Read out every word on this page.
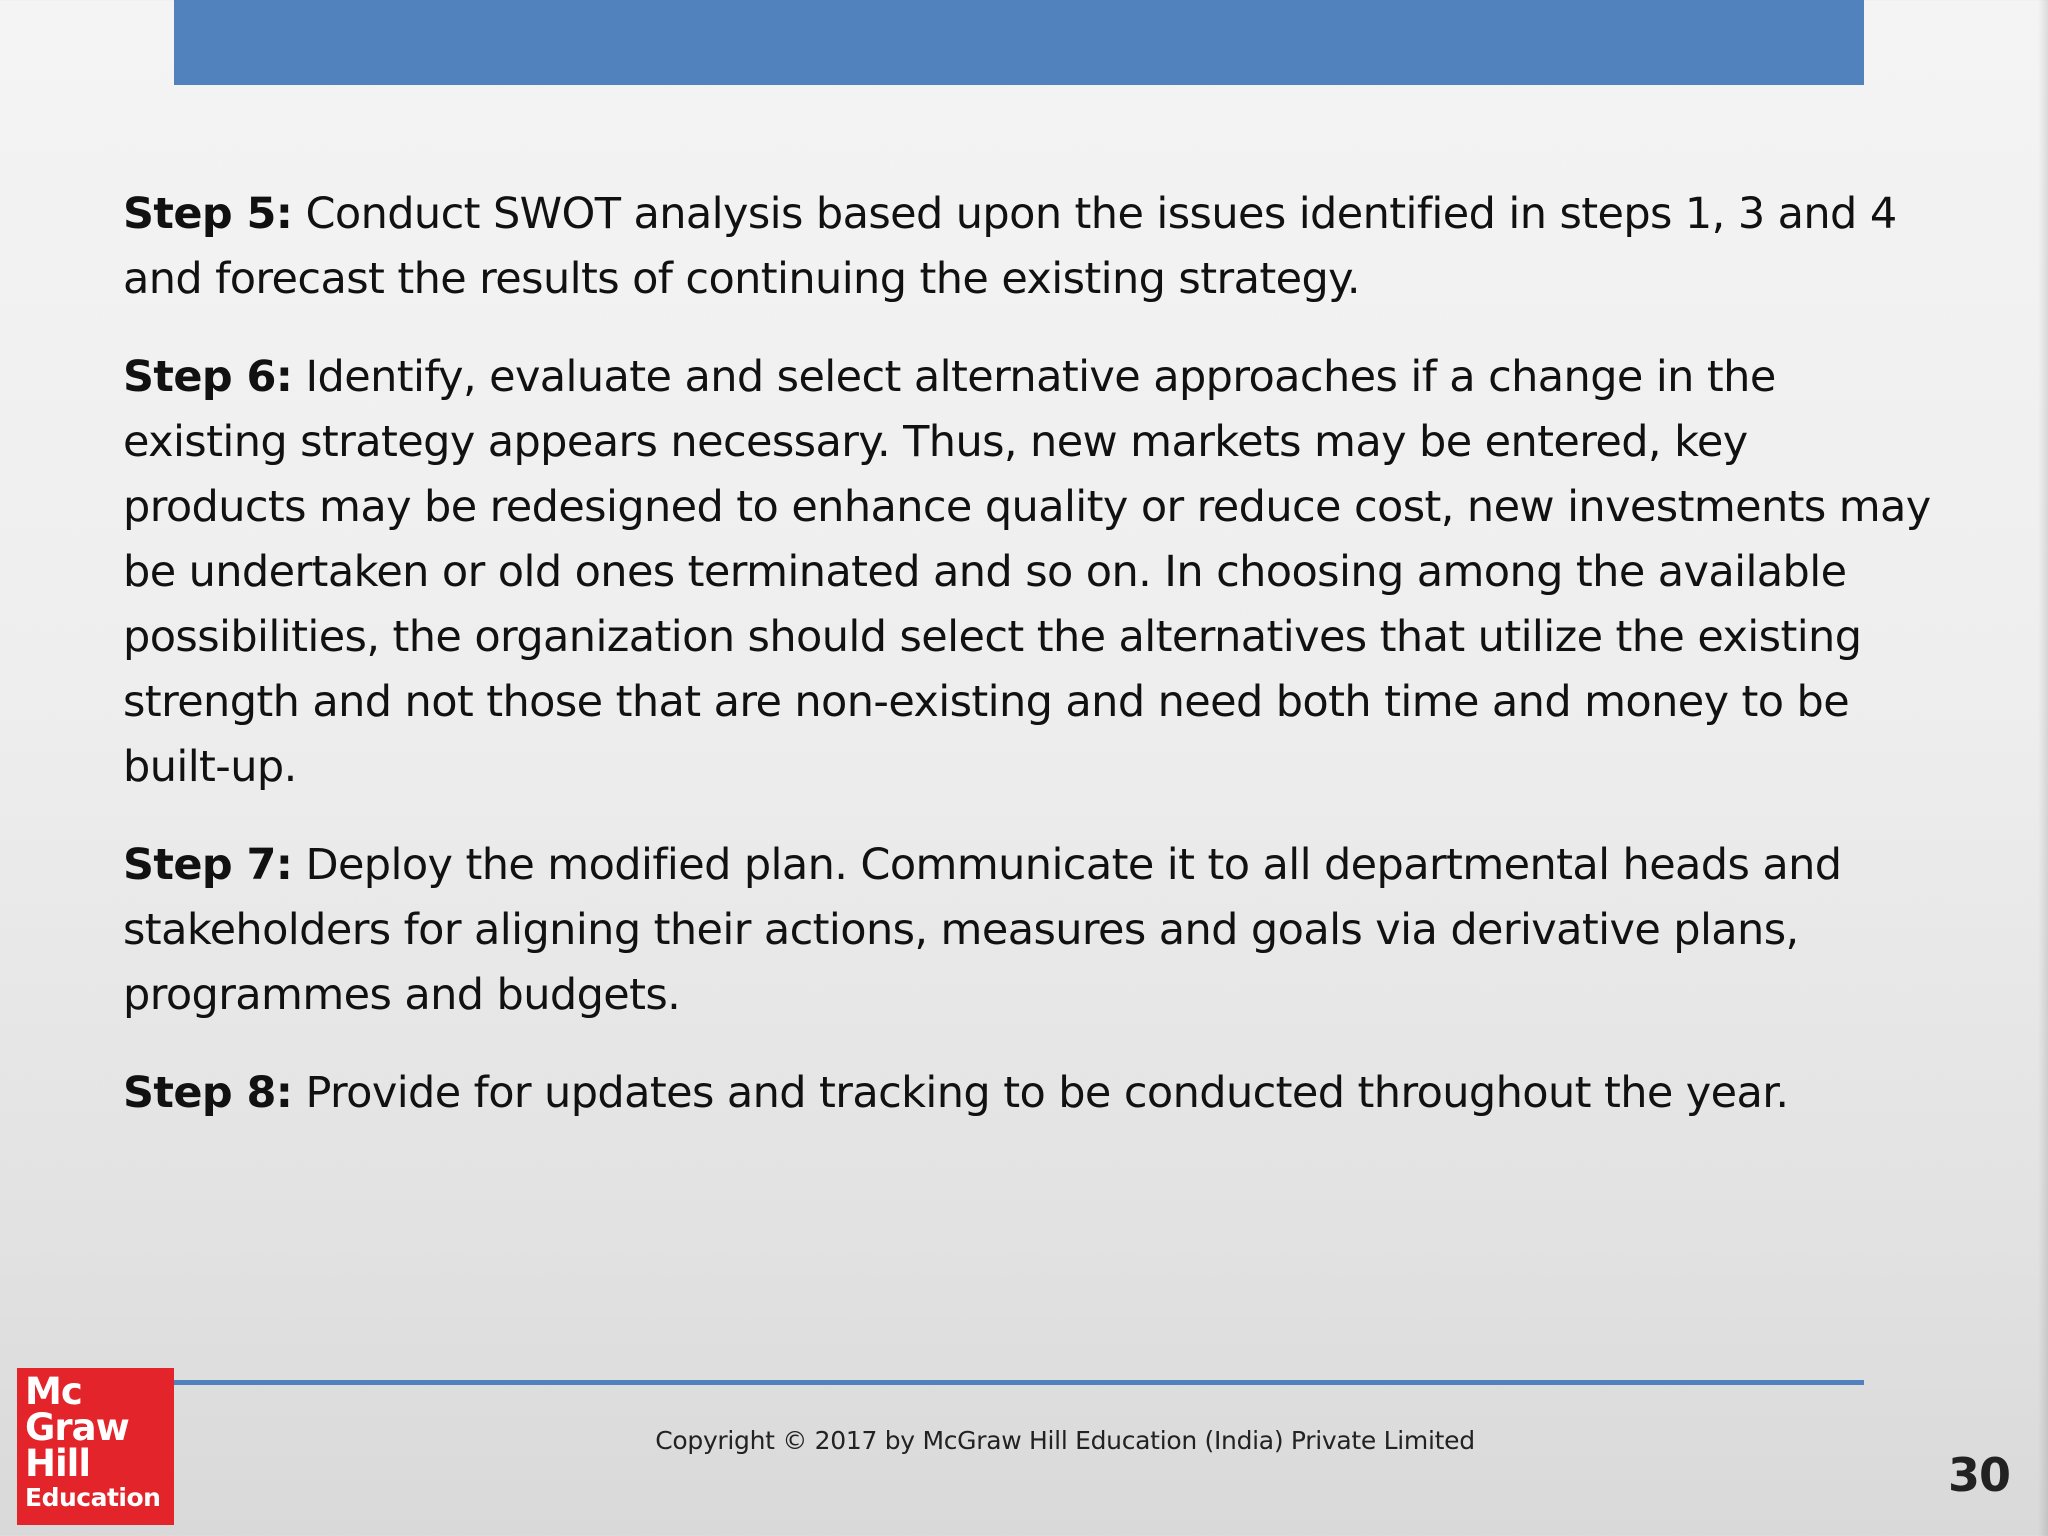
Step 5: Conduct SWOT analysis based upon the issues identified in steps 1, 3 and 4 and forecast the results of continuing the existing strategy.

Step 6: Identify, evaluate and select alternative approaches if a change in the existing strategy appears necessary. Thus, new markets may be entered, key products may be redesigned to enhance quality or reduce cost, new investments may be undertaken or old ones terminated and so on. In choosing among the available possibilities, the organization should select the alternatives that utilize the existing strength and not those that are non-existing and need both time and money to be built-up.

Step 7: Deploy the modified plan. Communicate it to all departmental heads and stakeholders for aligning their actions, measures and goals via derivative plans, programmes and budgets.

Step 8: Provide for updates and tracking to be conducted throughout the year.

Mc
Graw
Hill
Education
Copyright © 2017 by McGraw Hill Education (India) Private Limited
30
